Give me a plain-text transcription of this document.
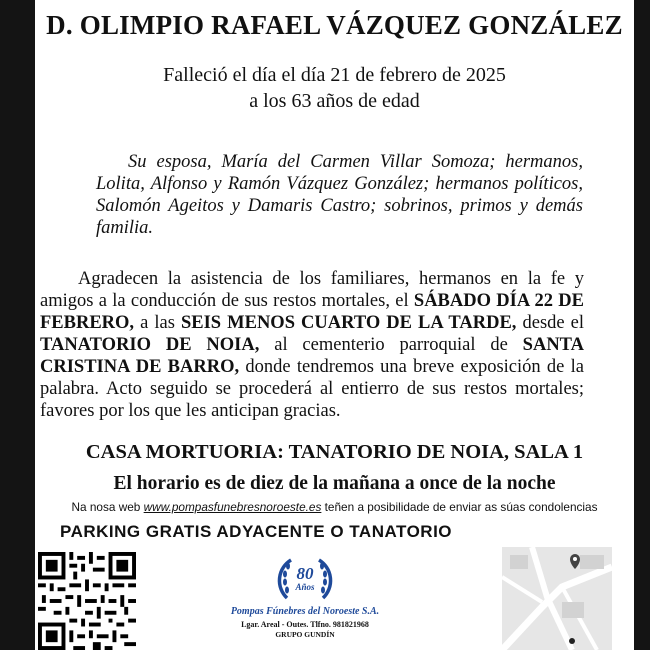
D. OLIMPIO RAFAEL VÁZQUEZ GONZÁLEZ
Falleció el día el día 21 de febrero de 2025
a los 63 años de edad
Su esposa, María del Carmen Villar Somoza; hermanos, Lolita, Alfonso y Ramón Vázquez González; hermanos políticos, Salomón Ageitos y Damaris Castro; sobrinos, primos y demás familia.
Agradecen la asistencia de los familiares, hermanos en la fe y amigos a la conducción de sus restos mortales, el SÁBADO DÍA 22 DE FEBRERO, a las SEIS MENOS CUARTO DE LA TARDE, desde el TANATORIO DE NOIA, al cementerio parroquial de SANTA CRISTINA DE BARRO, donde tendremos una breve exposición de la palabra. Acto seguido se procederá al entierro de sus restos mortales; favores por los que les anticipan gracias.
CASA MORTUORIA: TANATORIO DE NOIA, SALA 1
El horario es de diez de la mañana a once de la noche
Na nosa web www.pompasfunebresnoroeste.es teñen a posibilidade de enviar as súas condolencias
PARKING GRATIS ADYACENTE O TANATORIO
80
Años
Pompas Fúnebres del Noroeste S.A.
Lgar. Areal - Outes. Tlfno. 981821968
GRUPO GUNDÍN
